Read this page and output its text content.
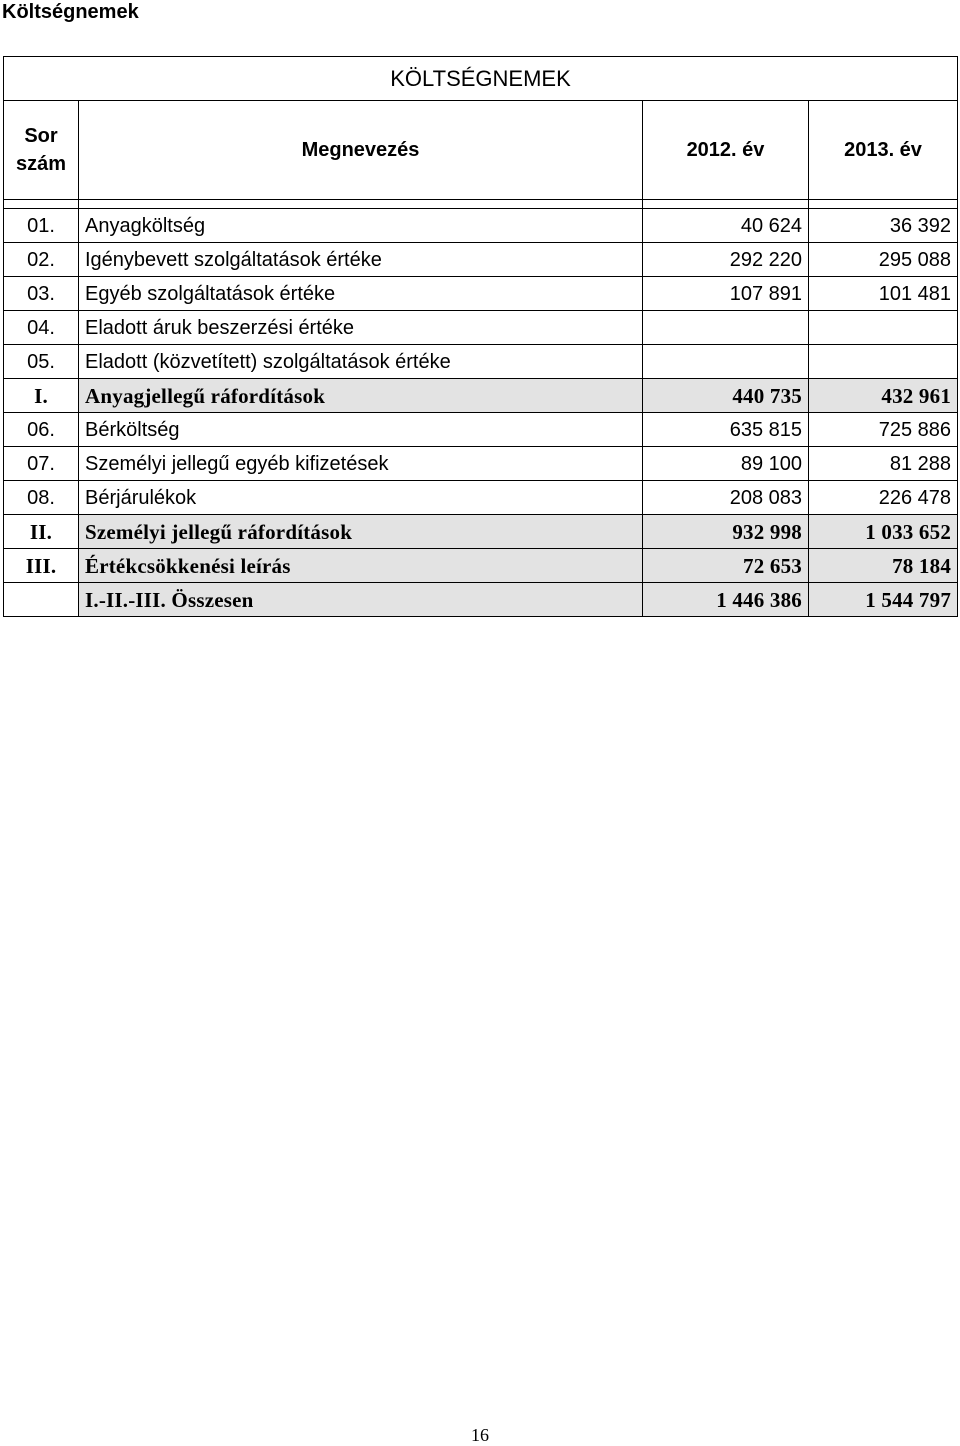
Költségnemek
KÖLTSÉGNEMEK			
Sor szám	Megnevezés	2012. év	2013. év

01.	Anyagköltség	40 624	36 392
02.	Igénybevett szolgáltatások értéke	292 220	295 088
03.	Egyéb szolgáltatások értéke	107 891	101 481
04.	Eladott áruk beszerzési értéke		
05.	Eladott (közvetített) szolgáltatások értéke		
I.	Anyagjellegű ráfordítások	440 735	432 961
06.	Bérköltség	635 815	725 886
07.	Személyi jellegű egyéb kifizetések	89 100	81 288
08.	Bérjárulékok	208 083	226 478
II.	Személyi jellegű ráfordítások	932 998	1 033 652
III.	Értékcsökkenési leírás	72 653	78 184
	I.-II.-III. Összesen	1 446 386	1 544 797
16
